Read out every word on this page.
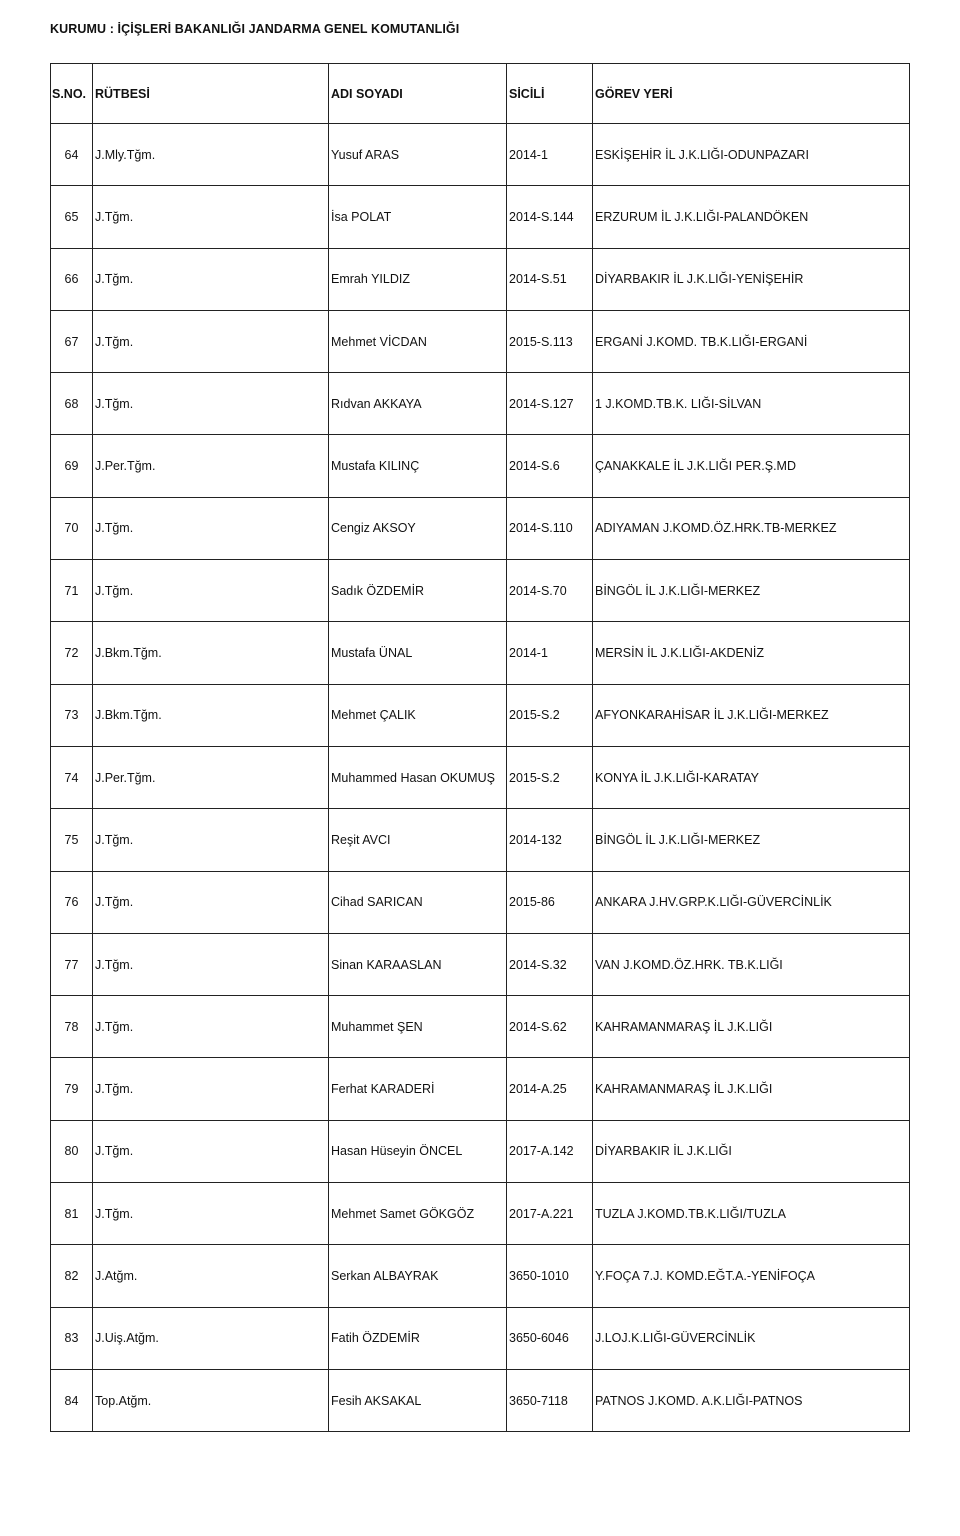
KURUMU : İÇİŞLERİ BAKANLIĞI JANDARMA GENEL KOMUTANLIĞI
S.NO.	RÜTBESİ	ADI SOYADI	SİCİLİ	GÖREV YERİ
64	J.Mly.Tğm.	Yusuf ARAS	2014-1	ESKİŞEHİR İL J.K.LIĞI-ODUNPAZARI
65	J.Tğm.	İsa POLAT	2014-S.144	ERZURUM İL J.K.LIĞI-PALANDÖKEN
66	J.Tğm.	Emrah YILDIZ	2014-S.51	DİYARBAKIR İL J.K.LIĞI-YENİŞEHİR
67	J.Tğm.	Mehmet VİCDAN	2015-S.113	ERGANİ J.KOMD. TB.K.LIĞI-ERGANİ
68	J.Tğm.	Rıdvan AKKAYA	2014-S.127	1 J.KOMD.TB.K. LIĞI-SİLVAN
69	J.Per.Tğm.	Mustafa KILINÇ	2014-S.6	ÇANAKKALE İL J.K.LIĞI PER.Ş.MD
70	J.Tğm.	Cengiz AKSOY	2014-S.110	ADIYAMAN J.KOMD.ÖZ.HRK.TB-MERKEZ
71	J.Tğm.	Sadık ÖZDEMİR	2014-S.70	BİNGÖL İL J.K.LIĞI-MERKEZ
72	J.Bkm.Tğm.	Mustafa ÜNAL	2014-1	MERSİN İL J.K.LIĞI-AKDENİZ
73	J.Bkm.Tğm.	Mehmet ÇALIK	2015-S.2	AFYONKARAHİSAR İL J.K.LIĞI-MERKEZ
74	J.Per.Tğm.	Muhammed Hasan OKUMUŞ	2015-S.2	KONYA İL J.K.LIĞI-KARATAY
75	J.Tğm.	Reşit AVCI	2014-132	BİNGÖL İL J.K.LIĞI-MERKEZ
76	J.Tğm.	Cihad SARICAN	2015-86	ANKARA J.HV.GRP.K.LIĞI-GÜVERCİNLİK
77	J.Tğm.	Sinan KARAASLAN	2014-S.32	VAN J.KOMD.ÖZ.HRK. TB.K.LIĞI
78	J.Tğm.	Muhammet ŞEN	2014-S.62	KAHRAMANMARAŞ İL J.K.LIĞI
79	J.Tğm.	Ferhat KARADERİ	2014-A.25	KAHRAMANMARAŞ İL J.K.LIĞI
80	J.Tğm.	Hasan Hüseyin ÖNCEL	2017-A.142	DİYARBAKIR İL J.K.LIĞI
81	J.Tğm.	Mehmet Samet GÖKGÖZ	2017-A.221	TUZLA J.KOMD.TB.K.LIĞI/TUZLA
82	J.Atğm.	Serkan ALBAYRAK	3650-1010	Y.FOÇA 7.J. KOMD.EĞT.A.-YENİFOÇA
83	J.Uiş.Atğm.	Fatih ÖZDEMİR	3650-6046	J.LOJ.K.LIĞI-GÜVERCİNLİK
84	Top.Atğm.	Fesih AKSAKAL	3650-7118	PATNOS J.KOMD. A.K.LIĞI-PATNOS
